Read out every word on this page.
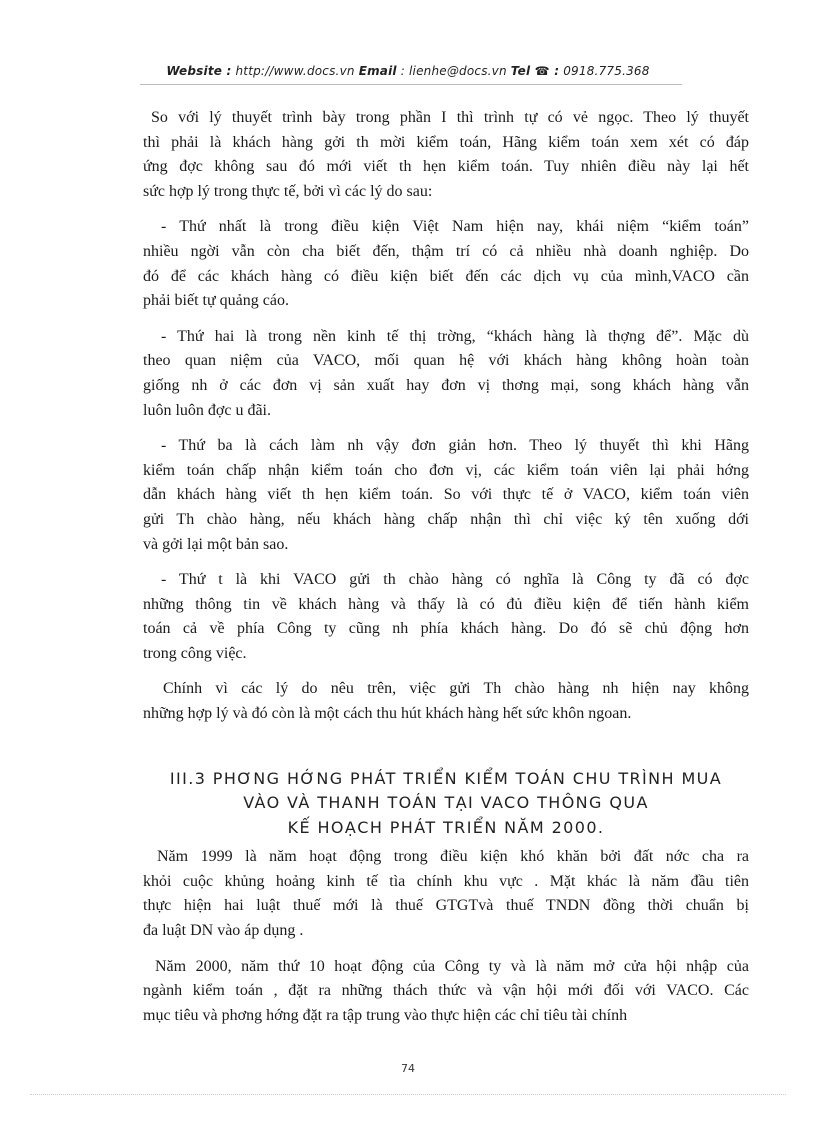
Website : http://www.docs.vn Email : lienhe@docs.vn Tel ☎ : 0918.775.368

So với lý thuyết trình bày trong phần I thì trình tự có vẻ ngọc. Theo lý thuyết

thì phải là khách hàng gởi th mời kiểm toán, Hãng kiểm toán xem xét có đáp

ứng đợc không sau đó mới viết th hẹn kiểm toán. Tuy nhiên điều này lại hết

sức hợp lý trong thực tế, bởi vì các lý do sau:

- Thứ nhất là trong điều kiện Việt Nam hiện nay, khái niệm “kiểm toán”

nhiều ngời vẫn còn cha biết đến, thậm trí có cả nhiều nhà doanh nghiệp. Do

đó để các khách hàng có điều kiện biết đến các dịch vụ của mình,VACO cần

phải biết tự quảng cáo.

- Thứ hai là trong nền kinh tế thị trờng, “khách hàng là thợng để”. Mặc dù

theo quan niệm của VACO, mối quan hệ với khách hàng không hoàn toàn

giống nh ở các đơn vị sản xuất hay đơn vị thơng mại, song khách hàng vẫn

luôn luôn đợc u đãi.

- Thứ ba là cách làm nh vậy đơn giản hơn. Theo lý thuyết thì khi Hãng

kiểm toán chấp nhận kiểm toán cho đơn vị, các kiểm toán viên lại phải hớng

dẫn khách hàng viết th hẹn kiểm toán. So với thực tế ở VACO, kiểm toán viên

gửi Th chào hàng, nếu khách hàng chấp nhận thì chỉ việc ký tên xuống dới

và gởi lại một bản sao.

- Thứ t là khi VACO gửi th chào hàng có nghĩa là Công ty đã có đợc

những thông tin về khách hàng và thấy là có đủ điều kiện để tiến hành kiểm

toán cả về phía Công ty cũng nh phía khách hàng. Do đó sẽ chủ động hơn

trong công việc.

Chính vì các lý do nêu trên, việc gửi Th chào hàng nh hiện nay không

những hợp lý và đó còn là một cách thu hút khách hàng hết sức khôn ngoan.

III.3 PHƠNG HỚNG PHÁT TRIỂN KIỂM TOÁN CHU TRÌNH MUA
VÀO VÀ THANH TOÁN TẠI VACO THÔNG QUA
KẾ HOẠCH PHÁT TRIỂN NĂM 2000.

Năm 1999 là năm hoạt động trong điều kiện khó khăn bởi đất nớc cha ra

khỏi cuộc khủng hoảng kinh tế tìa chính khu vực . Mặt khác là năm đầu tiên

thực hiện hai luật thuế mới là thuế GTGTvà thuế TNDN đồng thời chuẩn bị

đa luật DN vào áp dụng .

Năm 2000, năm thứ 10 hoạt động của Công ty và là năm mở cửa hội nhập của

ngành kiểm toán , đặt ra những thách thức và vận hội mới đối với VACO. Các

mục tiêu và phơng hớng đặt ra tập trung vào thực hiện các chỉ tiêu tài chính

74
